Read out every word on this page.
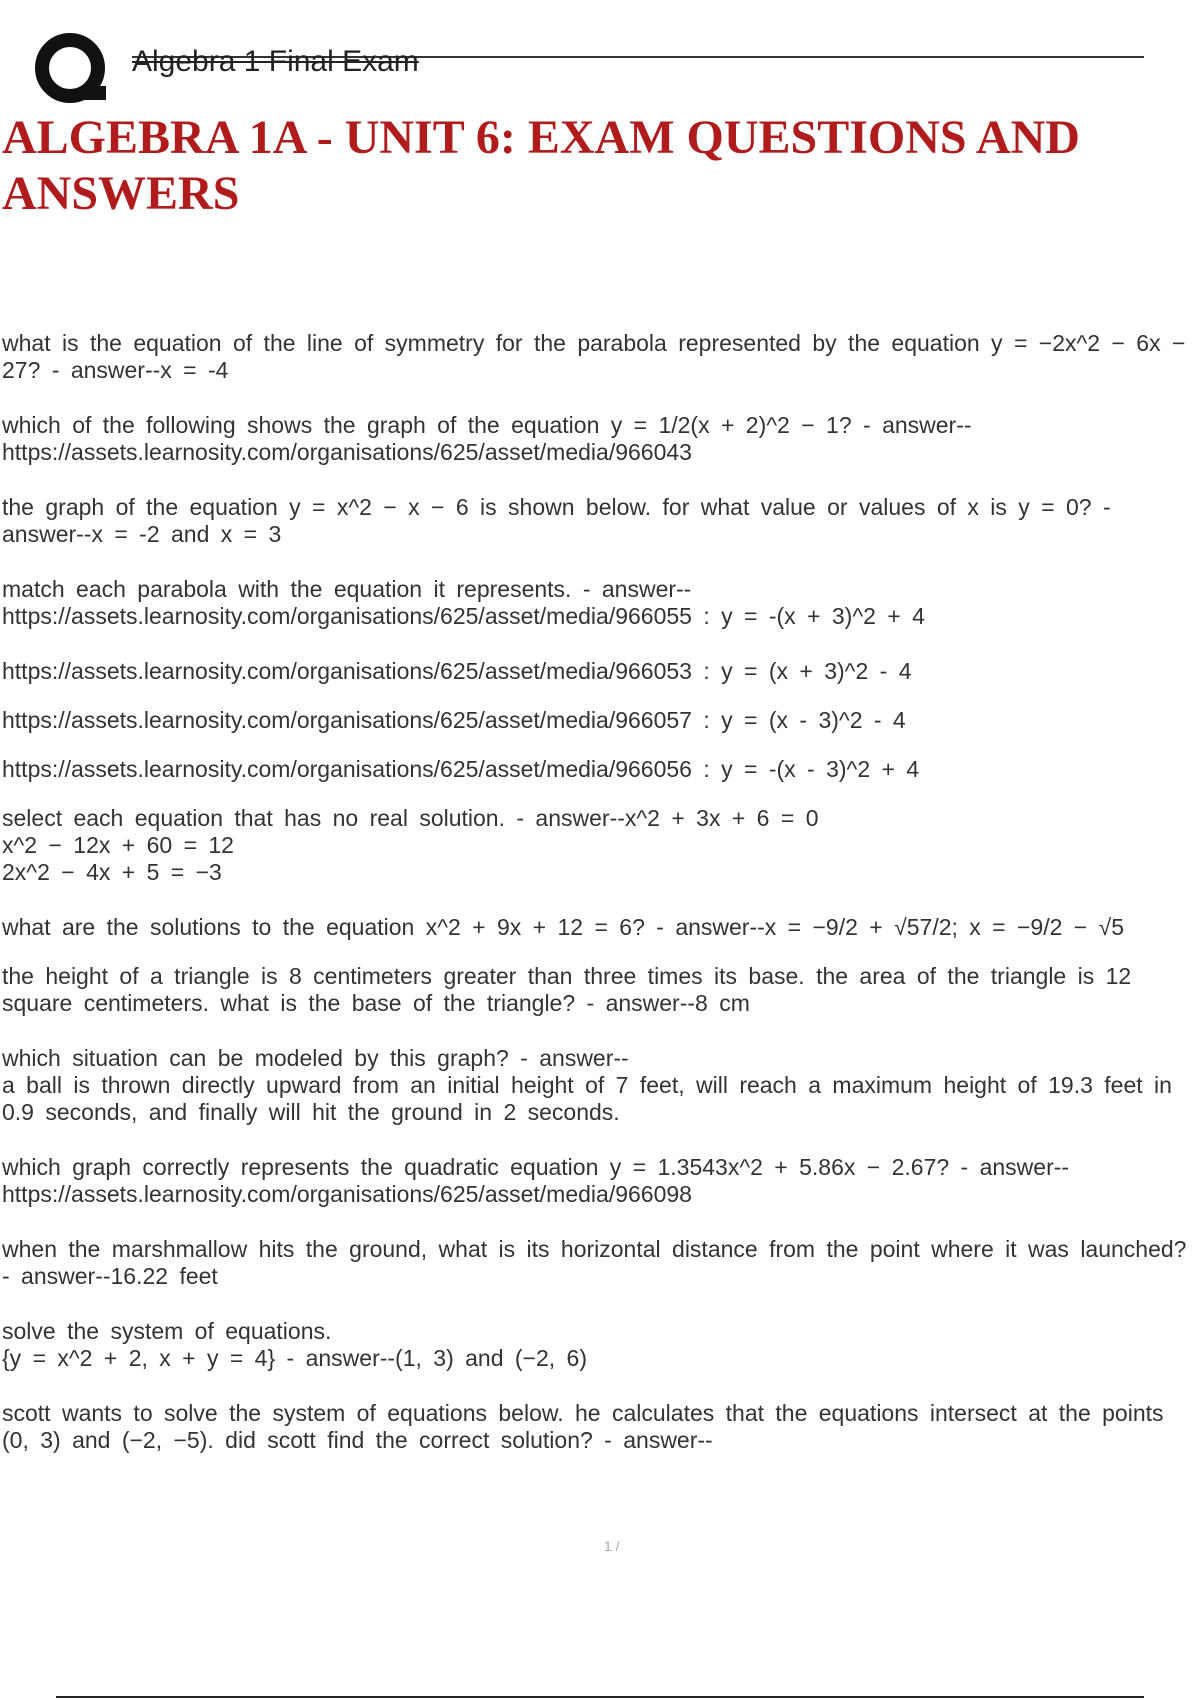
Algebra 1 Final Exam
ALGEBRA 1A - UNIT 6: EXAM QUESTIONS AND ANSWERS

what is the equation of the line of symmetry for the parabola represented by the equation y = −2x^2 − 6x − 27? - answer--x = -4

which of the following shows the graph of the equation y = 1/2(x + 2)^2 − 1? - answer--https://assets.learnosity.com/organisations/625/asset/media/966043

the graph of the equation y = x^2 − x − 6 is shown below. for what value or values of x is y = 0? - answer--x = -2 and x = 3

match each parabola with the equation it represents. - answer--https://assets.learnosity.com/organisations/625/asset/media/966055 : y = -(x + 3)^2 + 4

https://assets.learnosity.com/organisations/625/asset/media/966053 : y = (x + 3)^2 - 4

https://assets.learnosity.com/organisations/625/asset/media/966057 : y = (x - 3)^2 - 4

https://assets.learnosity.com/organisations/625/asset/media/966056 : y = -(x - 3)^2 + 4

select each equation that has no real solution. - answer--x^2 + 3x + 6 = 0
x^2 − 12x + 60 = 12
2x^2 − 4x + 5 = −3

what are the solutions to the equation x^2 + 9x + 12 = 6? - answer--x = −9/2 + √57/2; x = −9/2 − √5

the height of a triangle is 8 centimeters greater than three times its base. the area of the triangle is 12 square centimeters. what is the base of the triangle? - answer--8 cm

which situation can be modeled by this graph? - answer--
a ball is thrown directly upward from an initial height of 7 feet, will reach a maximum height of 19.3 feet in 0.9 seconds, and finally will hit the ground in 2 seconds.

which graph correctly represents the quadratic equation y = 1.3543x^2 + 5.86x − 2.67? - answer--https://assets.learnosity.com/organisations/625/asset/media/966098

when the marshmallow hits the ground, what is its horizontal distance from the point where it was launched? - answer--16.22 feet

solve the system of equations.
{y = x^2 + 2, x + y = 4} - answer--(1, 3) and (−2, 6)

scott wants to solve the system of equations below. he calculates that the equations intersect at the points (0, 3) and (−2, −5). did scott find the correct solution? - answer--

1 /
